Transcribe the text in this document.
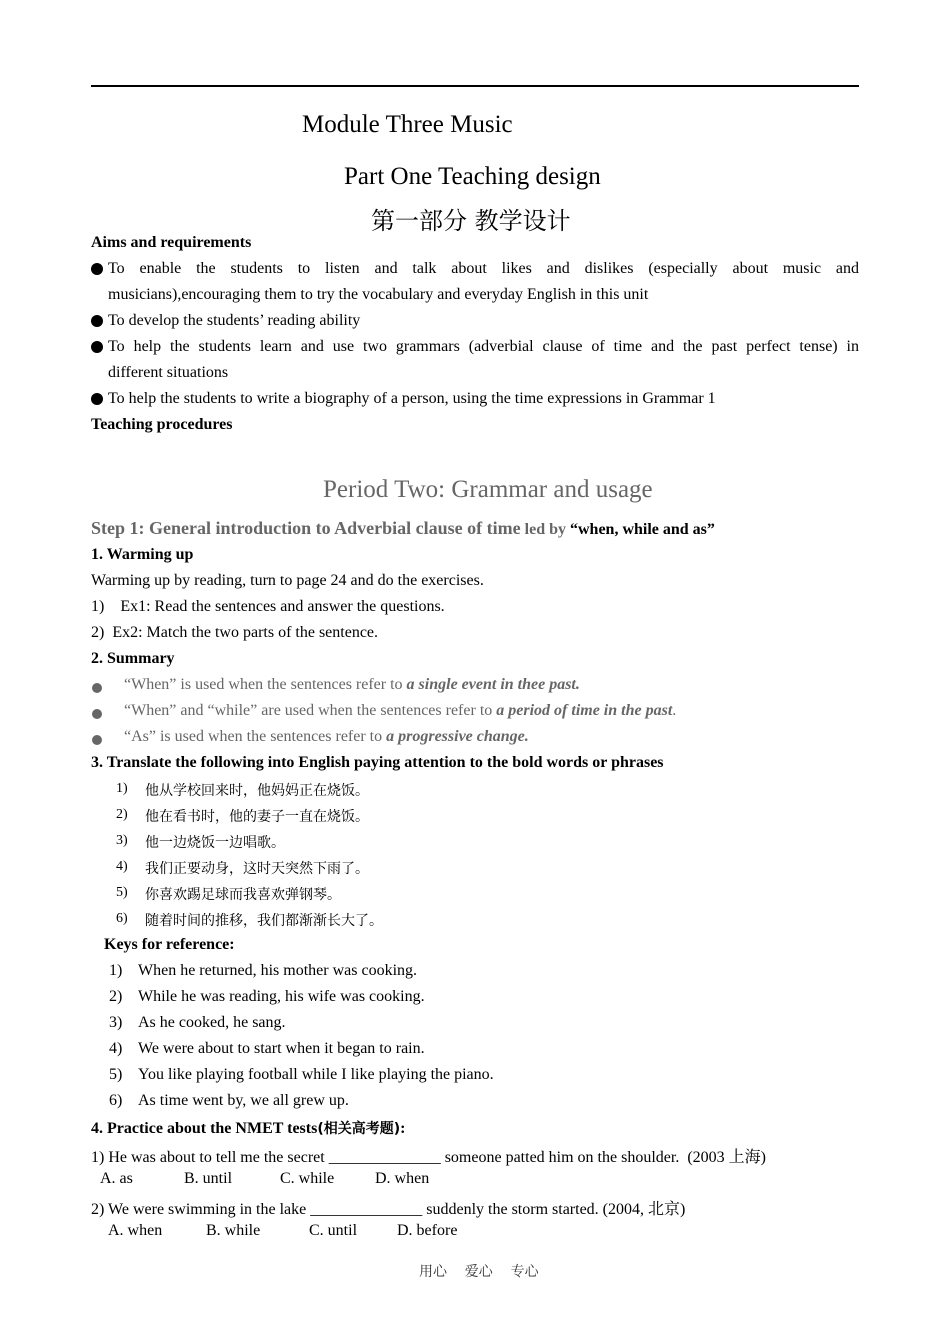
Module Three Music
Part One Teaching design
第一部分 教学设计
Aims and requirements
To enable the students to listen and talk about likes and dislikes (especially about music and
musicians),encouraging them to try the vocabulary and everyday English in this unit
To develop the students’ reading ability
To help the students learn and use two grammars (adverbial clause of time and the past perfect tense) in
different situations
To help the students to write a biography of a person, using the time expressions in Grammar 1
Teaching procedures
Period Two: Grammar and usage
Step 1: General introduction to Adverbial clause of time led by “when, while and as”
1. Warming up
Warming up by reading, turn to page 24 and do the exercises.
1)    Ex1: Read the sentences and answer the questions.
2)  Ex2: Match the two parts of the sentence.
2. Summary
“When” is used when the sentences refer to a single event in thee past.
“When” and “while” are used when the sentences refer to a period of time in the past.
“As” is used when the sentences refer to a progressive change.
3. Translate the following into English paying attention to the bold words or phrases
1) 他从学校回来时，他妈妈正在烧饭。
2) 他在看书时，他的妻子一直在烧饭。
3) 他一边烧饭一边唱歌。
4) 我们正要动身，这时天突然下雨了。
5) 你喜欢踢足球而我喜欢弹钢琴。
6) 随着时间的推移，我们都渐渐长大了。
Keys for reference:
1) When he returned, his mother was cooking.
2) While he was reading, his wife was cooking.
3) As he cooked, he sang.
4) We were about to start when it began to rain.
5) You like playing football while I like playing the piano.
6) As time went by, we all grew up.
4. Practice about the NMET tests(相关高考题):
1) He was about to tell me the secret ______________ someone patted him on the shoulder.  (2003 上海)
A. as	B. until	C. while	D. when
2) We were swimming in the lake ______________ suddenly the storm started. (2004, 北京)
A. when	B. while	C. until D. before
用心    爱心    专心
